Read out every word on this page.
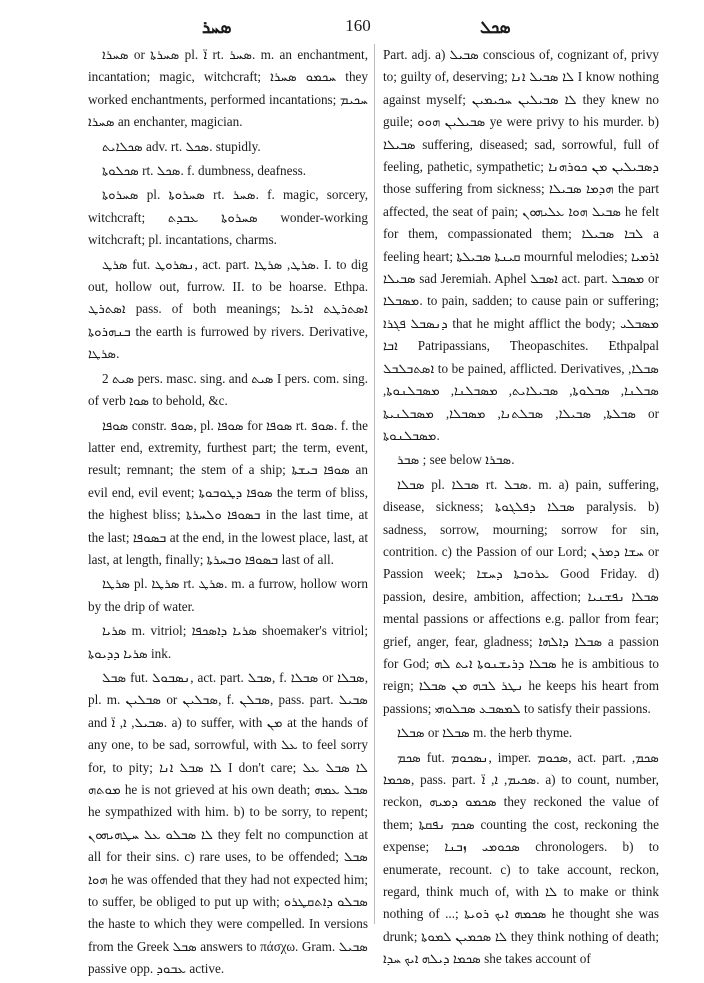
ܣܚܪ	160	ܣܟܠ

ܣܚܪܐ or ܣܚܪܬܐ pl. ܐ̈ rt. ܣܚܪ. m. an enchantment, incantation; magic, witchcraft; ܚܟܡܘ ܣܚܪܐ they worked enchantments, performed incantations; ܚܟܝܡ ܣܚܪܐ an enchanter, magician.

ܣܟܠܐܝܬ adv. rt. ܣܟܠ. stupidly.

ܣܟܠܘܬܐ rt. ܣܟܠ. f. dumbness, deafness.

ܣܚܪܘܬܐ pl. ܣܚܪܘܬܐ rt. ܣܚܪ. f. magic, sorcery, witchcraft; ܣܚܪܘܬܐ ܥܒܕܬ wonder-working witchcraft; pl. incantations, charms.

ܣܪܛ fut. ܢܣܪܘܛ, act. part. ܣܪܛ, ܣܪܛܐ. I. to dig out, hollow out, furrow. II. to be hoarse. Ethpa. ܐܣܬܪܛ pass. of both meanings; ܐܣܬܪܛܬ ܐܪܥܐ ܒܢܗܪܘܬܐ the earth is furrowed by rivers. Derivative, ܣܪܛܐ.

ܣܝܬ 2 pers. masc. sing. and ܣܝܬ I pers. com. sing. of verb ܣܘܐ to behold, &c.

ܣܘܦܐ constr. ܣܘܦ, pl. ܣܘܦܐ for ܣܘܦܐ rt. ܣܘܦ. f. the latter end, extremity, furthest part; the term, event, result; remnant; the stem of a ship; ܣܘܦܐ ܒܝܫܬܐ an evil end, evil event; ܣܘܦܐ ܕܛܘܒܘܬܐ the term of bliss, the highest bliss; ܒܣܘܦܐ ܘܠܚܪܬܐ in the last time, at the last; ܒܣܘܦܐ at the end, in the lowest place, last, at last, at length, finally; ܒܣܘܦܐ ܘܒܚܪܬܐ last of all.

ܣܪܛܐ pl. ܣܪܛܐ rt. ܣܪܛ. m. a furrow, hollow worn by the drip of water.

ܣܪܝܐ m. vitriol; ܣܪܝܐ ܕܐܣܟܦܐ shoemaker's vitriol; ܣܪܝܐ ܕܕܝܘܬܐ ink.

ܣܒܠ fut. ܢܣܒܘܠ, act. part. ܣܒܠ, f. ܣܒܠܐ or ܣܒܠܐ, pl. m. ܣܒܠܝܢ or ܣܒܠܝܢ, f. ܣܒܠܢ, pass. part. ܣܒܝܠ and ܣܒܝܠ, ܐ, ܐ̈. a) to suffer, with ܡܢ at the hands of any one, to be sad, sorrowful, with ܥܠ to feel sorry for, to pity; ܠܐ ܣܒܠ ܐܢܐ I don't care; ܠܐ ܣܒܠ ܥܠ ܡܘܬܗ he is not grieved at his own death; ܣܒܠ ܥܡܗ he sympathized with him. b) to be sorry, to repent; ܠܐ ܣܒܠܘ ܥܠ ܚܛܗܝܗܘܢ they felt no compunction at all for their sins. c) rare uses, to be offended; ܣܒܠ ܗܘܐ he was offended that they had not expected him; to suffer, be obliged to put up with; ܣܒܠܘ ܕܐܬܩܛܪܘ the haste to which they were compelled. In versions from the Greek ܣܒܠ answers to πάσχω. Gram. ܣܒܝܠ passive opp. ܥܒܘܕ active.

Part. adj. a) ܣܒܝܠ conscious of, cognizant of, privy to; guilty of, deserving; ܠܐ ܣܒܝܠ ܐܢܐ I know nothing against myself; ܠܐ ܣܒܝܠܝܢ ܚܟܝܡܝܢ they knew no guile; ܣܒܝܠܝܢ ܗܘܘ ye were privy to his murder. b) ܣܒܝܠܐ suffering, diseased; sad, sorrowful, full of feeling, pathetic, sympathetic; ܕܣܒܝܠܝܢ ܡܢ ܟܘܪܗܢܐ those suffering from sickness; ܗܕܡܐ ܣܒܝܠܐ the part affected, the seat of pain; ܣܒܝܠ ܗܘܐ ܥܠܝܗܘܢ he felt for them, compassionated them; ܠܒܐ ܣܒܝܠܐ a feeling heart; ܩܝܢܬܐ ܣܒܝܠܬܐ mournful melodies; ܐܪܡܝܐ ܣܒܝܠܐ sad Jeremiah. Aphel ܐܣܒܠ act. part. ܡܣܒܠ or ܡܣܒܠܐ. to pain, sadden; to cause pain or suffering; ܕܢܣܒܠ ܦܓܪܐ that he might afflict the body; ܡܣܒܠܝ ܐܒܐ Patripassians, Theopaschites. Ethpalpal ܐܣܬܒܠܒܠ to be pained, afflicted. Derivatives, ܣܒܠܐ, ܣܒܠܢܐ, ܣܒܠܘܬܐ, ܣܒܝܠܐܝܬ, ܡܣܒܠܢܐ, ܡܣܒܠܢܘܬܐ, ܣܒܠܬܐ, ܣܒܝܠܐ, ܣܒܠܬܢܐ, ܡܣܒܠܐ, ܡܣܒܠܢܝܬܐ or ܡܣܒܠܢܘܬܐ.

ܣܒܪ ; see below ܣܒܪܐ.

ܣܒܠܐ pl. ܣܒܠܐ rt. ܣܒܠ. m. a) pain, suffering, disease, sickness; ܣܒܠܐ ܕܦܠܓܘܬܐ paralysis. b) sadness, sorrow, mourning; sorrow for sin, contrition. c) the Passion of our Lord; ܚܫܐ ܕܡܪܢ or Passion week; ܥܪܘܒܬܐ ܕܚܫܐ Good Friday. d) passion, desire, ambition, affection; ܣܒܠܐ ܢܦܫܢܝܐ mental passions or affections e.g. pallor from fear; grief, anger, fear, gladness; ܣܒܠܐ ܕܐܠܗܐ a passion for God; ܣܒܠܐ ܕܪܝܫܢܘܬܐ ܐܝܬ ܠܗ he is ambitious to reign; ܢܛܪ ܠܒܗ ܡܢ ܣܒܠܐ he keeps his heart from passions; ܠܡܣܒܥ ܣܒܠܘܗܝ to satisfy their passions.

ܣܒܠܐ or ܣܒܠܐ m. the herb thyme.

ܣܟܡ fut. ܢܣܟܘܡ, imper. ܣܟܘܡ, act. part. ܣܟܡ, ܣܟܡܐ, pass. part. ܣܟܝܡ, ܐ, ܐ̈. a) to count, number, reckon, ܣܟܡܘ ܕܡܝܗ they reckoned the value of them; ܣܟܡ ܢܦܩܬܐ counting the cost, reckoning the expense; ܣܟܘܡܝ ܙܒܢܐ chronologers. b) to enumerate, recount. c) to take account, reckon, regard, think much of, with ܠܐ to make or think nothing of ...; ܣܟܡܗ ܐܝܟ ܪܘܝܬܐ he thought she was drunk; ܠܐ ܣܟܡܝܢ ܠܡܘܬܐ they think nothing of death; ܣܟܡܐ ܕܝܠܗ ܐܝܟ ܚܕܐ she takes account of
